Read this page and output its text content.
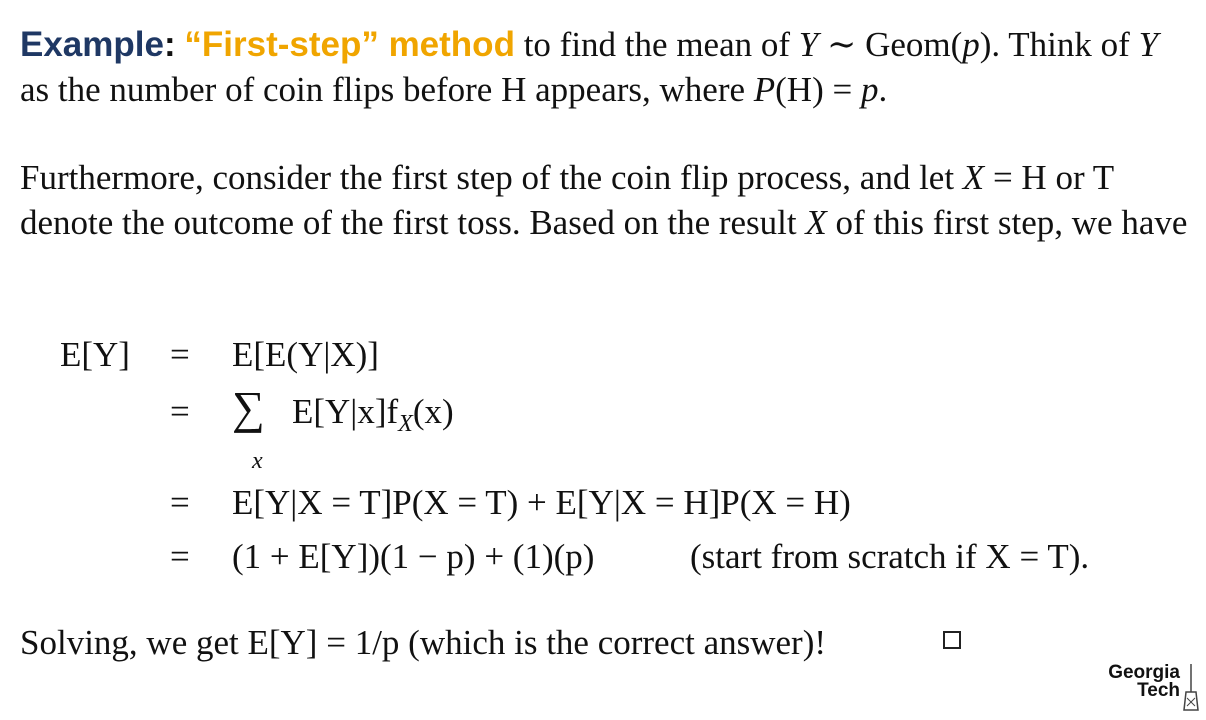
Example: “First-step” method to find the mean of Y ∼ Geom(p). Think of Y as the number of coin flips before H appears, where P(H) = p.

Furthermore, consider the first step of the coin flip process, and let X = H or T denote the outcome of the first toss. Based on the result X of this first step, we have

E[Y] = E[E(Y|X)]
= ∑
x
$E[Y|x]f_X(x)$
= E[Y|X = T]P(X = T) + E[Y|X = H]P(X = H)
= (1 + E[Y])(1 − p) + (1)(p)	(start from scratch if X = T).
Solving, we get E[Y] = 1/p (which is the correct answer)!
Georgia
Tech
